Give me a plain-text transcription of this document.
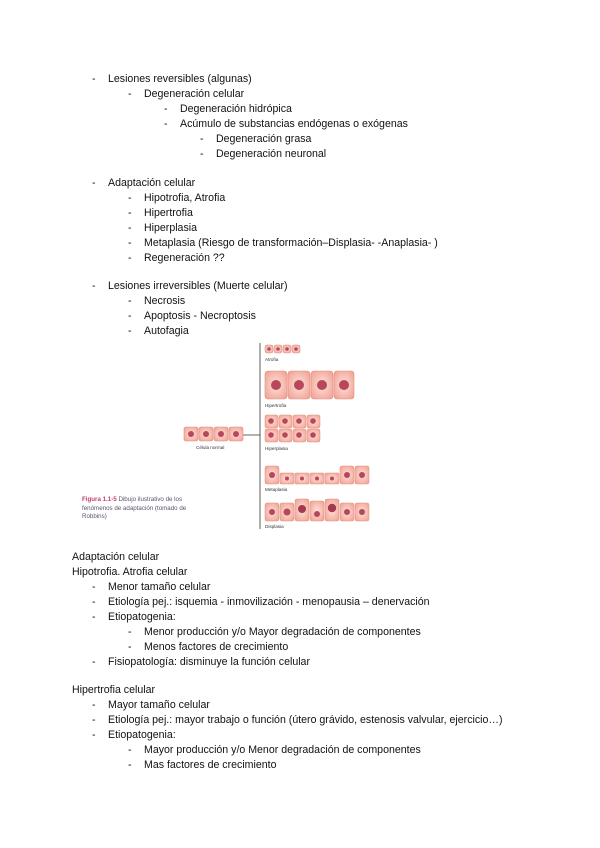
- Lesiones reversibles (algunas)
- Degeneración celular
- Degeneración hidrópica
- Acúmulo de substancias endógenas o exógenas
- Degeneración grasa
- Degeneración neuronal
- Adaptación celular
- Hipotrofia, Atrofia
- Hipertrofia
- Hiperplasia
- Metaplasia (Riesgo de transformación–Displasia- -Anaplasia- )
- Regeneración ??
- Lesiones irreversibles (Muerte celular)
- Necrosis
- Apoptosis - Necroptosis
- Autofagia
Célula normal
Atrofia
Hipertrofia
Hiperplasia
Metaplasia
Displasia
Figura 1.1-5 Dibujo ilustrativo de los fenómenos de adaptación (tomado de Robbins)
Adaptación celular
Hipotrofia. Atrofia celular
- Menor tamaño celular
- Etiología pej.: isquemia - inmovilización - menopausia – denervación
- Etiopatogenia:
- Menor producción y/o Mayor degradación de componentes
- Menos factores de crecimiento
- Fisiopatología: disminuye la función celular
Hipertrofia celular
- Mayor tamaño celular
- Etiología pej.: mayor trabajo o función (útero grávido, estenosis valvular, ejercicio…)
- Etiopatogenia:
- Mayor producción y/o Menor degradación de componentes
- Mas factores de crecimiento
